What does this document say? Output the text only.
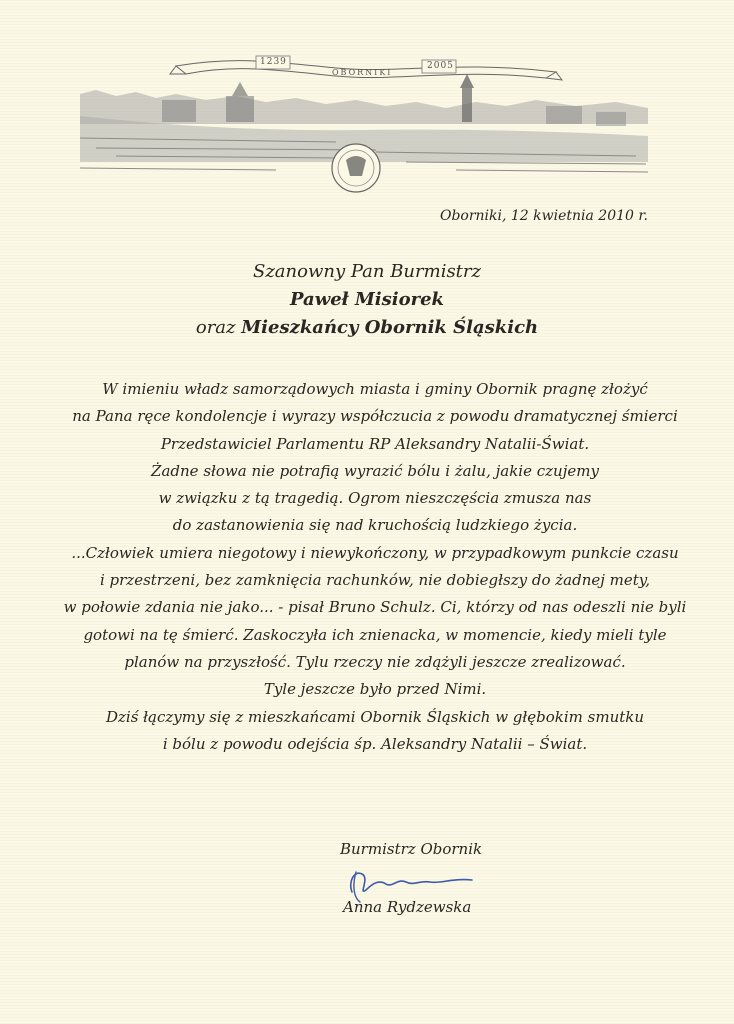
1239
OBORNIKI
2005
Oborniki, 12 kwietnia 2010 r.
Szanowny Pan Burmistrz
Paweł Misiorek
oraz Mieszkańcy Obornik Śląskich
W imieniu władz samorządowych miasta i gminy Obornik pragnę złożyć
na Pana ręce kondolencje i wyrazy współczucia z powodu dramatycznej śmierci
Przedstawiciel Parlamentu RP Aleksandry Natalii-Świat.
Żadne słowa nie potrafią wyrazić bólu i żalu, jakie czujemy
w związku z tą tragedią. Ogrom nieszczęścia zmusza nas
do zastanowienia się nad kruchością ludzkiego życia.
...Człowiek umiera niegotowy i niewykończony, w przypadkowym punkcie czasu
i przestrzeni, bez zamknięcia rachunków, nie dobiegłszy do żadnej mety,
w połowie zdania nie jako... - pisał Bruno Schulz. Ci, którzy od nas odeszli nie byli
gotowi na tę śmierć. Zaskoczyła ich znienacka, w momencie, kiedy mieli tyle
planów na przyszłość. Tylu rzeczy nie zdążyli jeszcze zrealizować.
Tyle jeszcze było przed Nimi.
Dziś łączymy się z mieszkańcami Obornik Śląskich w głębokim smutku
i bólu z powodu odejścia śp. Aleksandry Natalii – Świat.
Burmistrz Obornik
Anna Rydzewska
